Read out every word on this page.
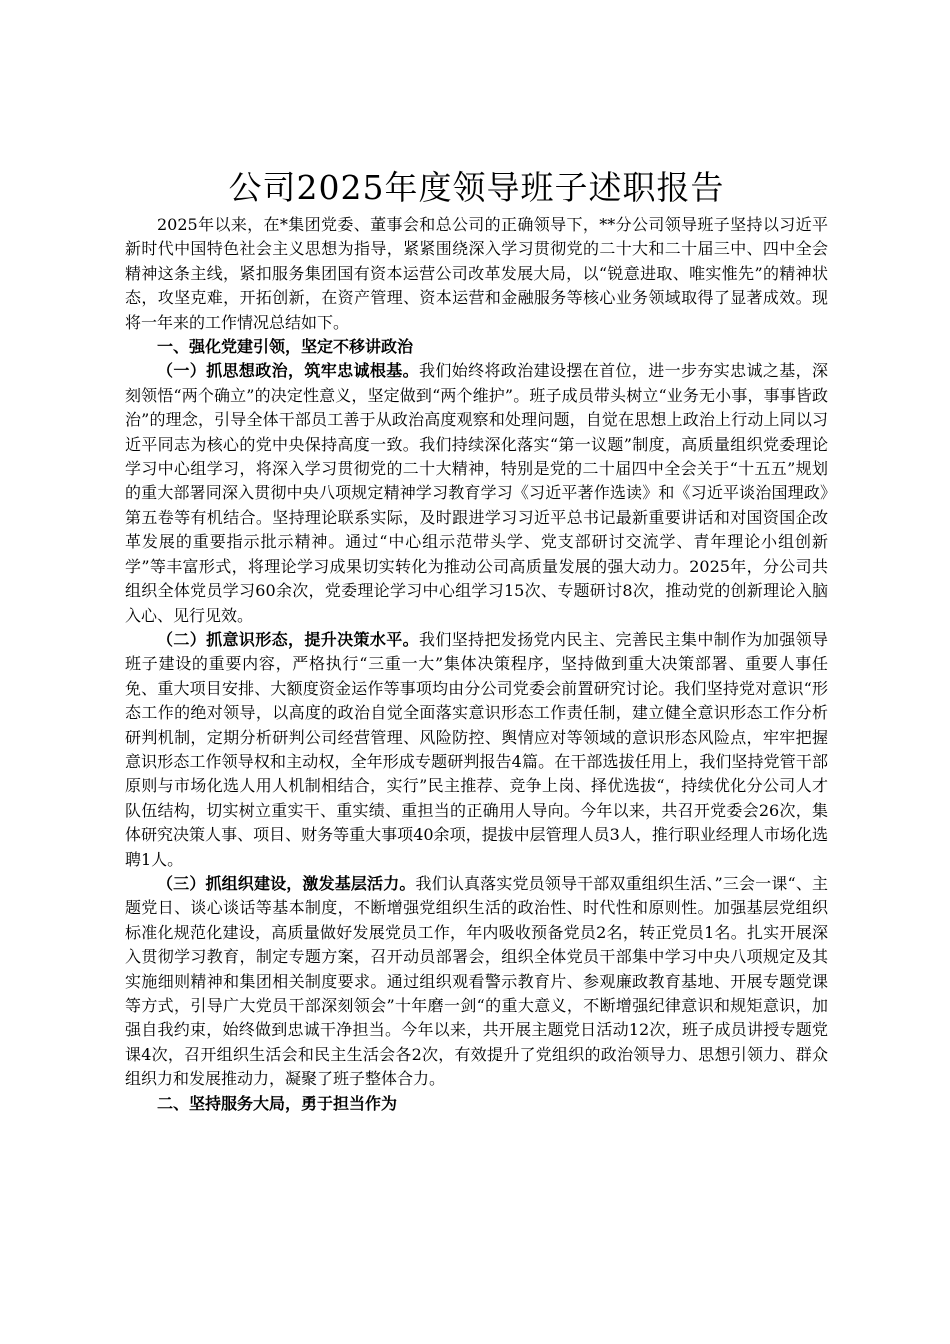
公司2025年度领导班子述职报告

2025年以来，在*集团党委、董事会和总公司的正确领导下，**分公司领导班子坚持以习近平新时代中国特色社会主义思想为指导，紧紧围绕深入学习贯彻党的二十大和二十届三中、四中全会精神这条主线，紧扣服务集团国有资本运营公司改革发展大局，以“锐意进取、唯实惟先”的精神状态，攻坚克难，开拓创新，在资产管理、资本运营和金融服务等核心业务领域取得了显著成效。现将一年来的工作情况总结如下。

一、强化党建引领，坚定不移讲政治

（一）抓思想政治，筑牢忠诚根基。我们始终将政治建设摆在首位，进一步夯实忠诚之基，深刻领悟“两个确立”的决定性意义，坚定做到“两个维护”。班子成员带头树立“业务无小事，事事皆政治”的理念，引导全体干部员工善于从政治高度观察和处理问题，自觉在思想上政治上行动上同以习近平同志为核心的党中央保持高度一致。我们持续深化落实“第一议题”制度，高质量组织党委理论学习中心组学习，将深入学习贯彻党的二十大精神，特别是党的二十届四中全会关于“十五五”规划的重大部署同深入贯彻中央八项规定精神学习教育学习《习近平著作选读》和《习近平谈治国理政》第五卷等有机结合。坚持理论联系实际，及时跟进学习习近平总书记最新重要讲话和对国资国企改革发展的重要指示批示精神。通过“中心组示范带头学、党支部研讨交流学、青年理论小组创新学”等丰富形式，将理论学习成果切实转化为推动公司高质量发展的强大动力。2025年，分公司共组织全体党员学习60余次，党委理论学习中心组学习15次、专题研讨8次，推动党的创新理论入脑入心、见行见效。

（二）抓意识形态，提升决策水平。我们坚持把发扬党内民主、完善民主集中制作为加强领导班子建设的重要内容，严格执行“三重一大”集体决策程序，坚持做到重大决策部署、重要人事任免、重大项目安排、大额度资金运作等事项均由分公司党委会前置研究讨论。我们坚持党对意识“形态工作的绝对领导，以高度的政治自觉全面落实意识形态工作责任制，建立健全意识形态工作分析研判机制，定期分析研判公司经营管理、风险防控、舆情应对等领域的意识形态风险点，牢牢把握意识形态工作领导权和主动权，全年形成专题研判报告4篇。在干部选拔任用上，我们坚持党管干部原则与市场化选人用人机制相结合，实行”民主推荐、竞争上岗、择优选拔“，持续优化分公司人才队伍结构，切实树立重实干、重实绩、重担当的正确用人导向。今年以来，共召开党委会26次，集体研究决策人事、项目、财务等重大事项40余项，提拔中层管理人员3人，推行职业经理人市场化选聘1人。

（三）抓组织建设，激发基层活力。我们认真落实党员领导干部双重组织生活、”三会一课“、主题党日、谈心谈话等基本制度，不断增强党组织生活的政治性、时代性和原则性。加强基层党组织标准化规范化建设，高质量做好发展党员工作，年内吸收预备党员2名，转正党员1名。扎实开展深入贯彻学习教育，制定专题方案，召开动员部署会，组织全体党员干部集中学习中央八项规定及其实施细则精神和集团相关制度要求。通过组织观看警示教育片、参观廉政教育基地、开展专题党课等方式，引导广大党员干部深刻领会”十年磨一剑“的重大意义，不断增强纪律意识和规矩意识，加强自我约束，始终做到忠诚干净担当。今年以来，共开展主题党日活动12次，班子成员讲授专题党课4次，召开组织生活会和民主生活会各2次，有效提升了党组织的政治领导力、思想引领力、群众组织力和发展推动力，凝聚了班子整体合力。

二、坚持服务大局，勇于担当作为
